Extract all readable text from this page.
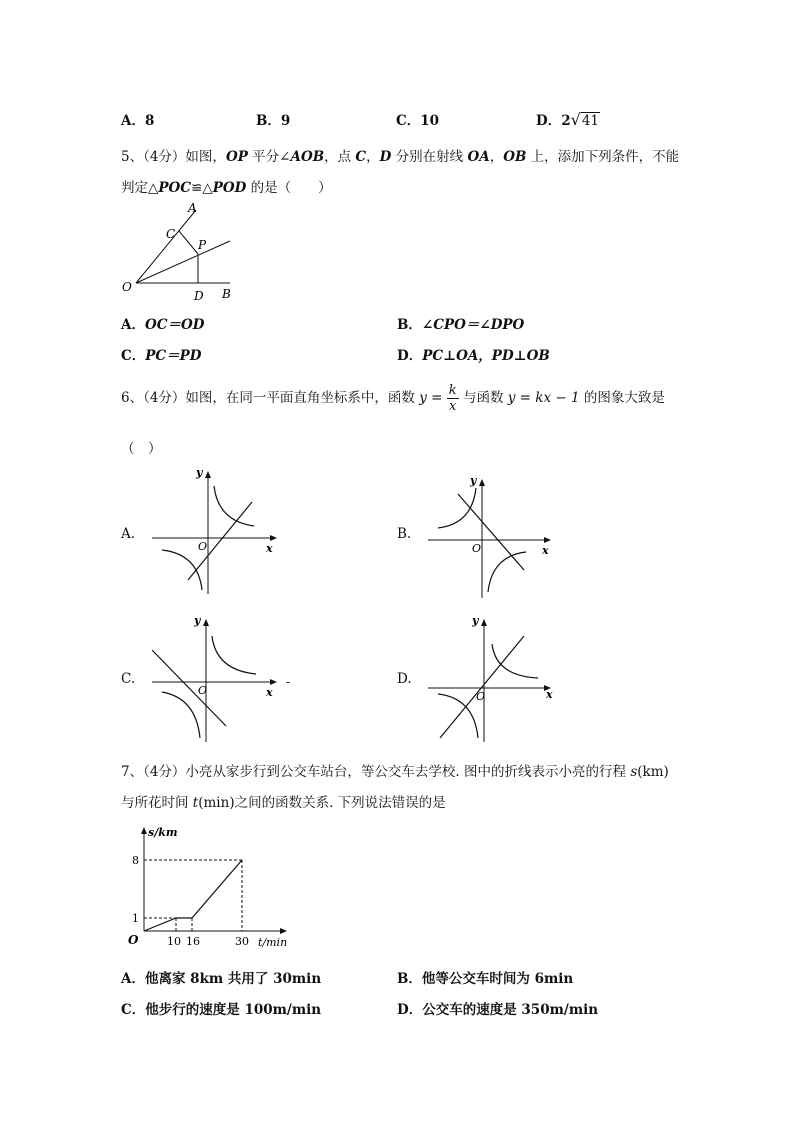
A．8	B．9	C．10	D．2√41
5、（4分）如图，OP 平分∠AOB，点 C，D 分别在射线 OA，OB 上，添加下列条件，不能
判定△POC≌△POD 的是（　　）
A
C
P
O
D B
A．OC＝OD	B．∠CPO＝∠DPO
C．PC＝PD	D．PC⊥OA，PD⊥OB
6、（4分）如图，在同一平面直角坐标系中，函数 $y = \frac{k}{x}$ 与函数 y = kx − 1 的图象大致是
（　）
A.	B.
C.	D.
y
x
O
y
x
O
y
x
O
-
y
x
O
7、（4分）小亮从家步行到公交车站台，等公交车去学校. 图中的折线表示小亮的行程 s(km)
与所花时间 t(min)之间的函数关系. 下列说法错误的是
s/km
t/min
O
1
8
10 16	30
A．他离家 8km 共用了 30min	B．他等公交车时间为 6min
C．他步行的速度是 100m/min	D．公交车的速度是 350m/min
